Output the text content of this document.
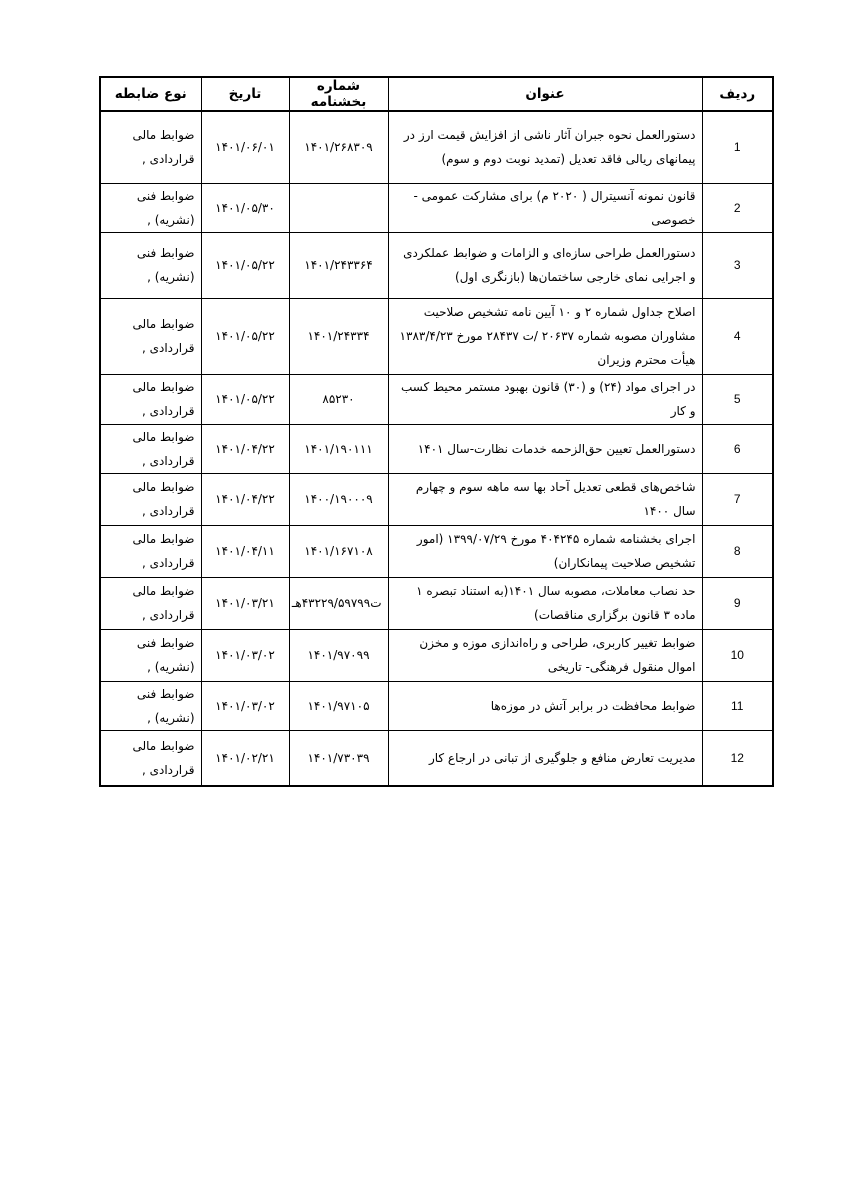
ردیف	عنوان	شماره بخشنامه	تاریخ	نوع ضابطه
1	دستورالعمل نحوه جبران آثار ناشی از افزایش قیمت ارز در پیمانهای ریالی فاقد تعدیل (تمدید نوبت دوم و سوم)	۱۴۰۱/۲۶۸۳۰۹	۱۴۰۱/۰۶/۰۱	ضوابط مالی قراردادی ,
2	قانون نمونه آنسیترال ( ۲۰۲۰ م) برای مشارکت عمومی - خصوصی		۱۴۰۱/۰۵/۳۰	ضوابط فنی (نشریه) ,
3	دستورالعمل طراحی سازه‌ای و الزامات و ضوابط عملکردی و اجرایی نمای خارجی ساختمان‌ها (بازنگری اول)	۱۴۰۱/۲۴۳۳۶۴	۱۴۰۱/۰۵/۲۲	ضوابط فنی (نشریه) ,
4	اصلاح جداول شماره ۲ و ۱۰ آیین نامه تشخیص صلاحیت مشاوران مصوبه شماره ۲۰۶۳۷ /ت ۲۸۴۳۷ مورخ ۱۳۸۳/۴/۲۳ هیأت محترم وزیران	۱۴۰۱/۲۴۳۳۴	۱۴۰۱/۰۵/۲۲	ضوابط مالی قراردادی ,
5	در اجرای مواد (۲۴) و (۳۰) قانون بهبود مستمر محیط کسب و کار	۸۵۲۳۰	۱۴۰۱/۰۵/۲۲	ضوابط مالی قراردادی ,
6	دستورالعمل تعیین حق‌الزحمه خدمات نظارت-سال ۱۴۰۱	۱۴۰۱/۱۹۰۱۱۱	۱۴۰۱/۰۴/۲۲	ضوابط مالی قراردادی ,
7	شاخص‌های قطعی تعدیل آحاد بها سه ماهه سوم و چهارم سال ۱۴۰۰	۱۴۰۰/۱۹۰۰۰۹	۱۴۰۱/۰۴/۲۲	ضوابط مالی قراردادی ,
8	اجرای بخشنامه شماره ۴۰۴۲۴۵ مورخ ۱۳۹۹/۰۷/۲۹ (امور تشخیص صلاحیت پیمانکاران)	۱۴۰۱/۱۶۷۱۰۸	۱۴۰۱/۰۴/۱۱	ضوابط مالی قراردادی ,
9	حد نصاب معاملات، مصوبه سال ۱۴۰۱(به استناد تبصره ۱ ماده ۳ قانون برگزاری مناقصات)	ت۴۳۲۲۹/۵۹۷۹۹هـ	۱۴۰۱/۰۳/۲۱	ضوابط مالی قراردادی ,
10	ضوابط تغییر کاربری، طراحی و راه‌اندازی موزه و مخزن اموال منقول فرهنگی- تاریخی	۱۴۰۱/۹۷۰۹۹	۱۴۰۱/۰۳/۰۲	ضوابط فنی (نشریه) ,
11	ضوابط محافظت در برابر آتش در موزه‌ها	۱۴۰۱/۹۷۱۰۵	۱۴۰۱/۰۳/۰۲	ضوابط فنی (نشریه) ,
12	مدیریت تعارض منافع و جلوگیری از تبانی در ارجاع کار	۱۴۰۱/۷۳۰۳۹	۱۴۰۱/۰۲/۲۱	ضوابط مالی قراردادی ,
